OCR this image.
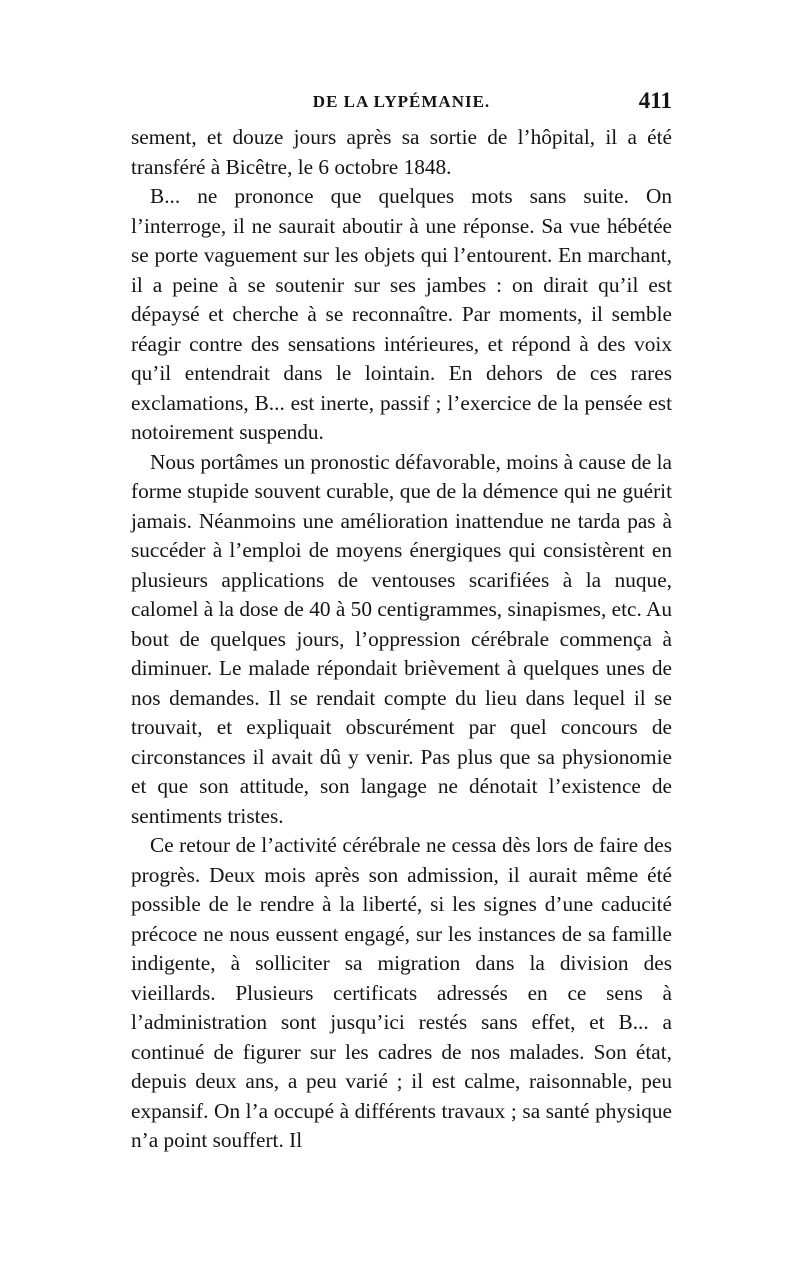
DE LA LYPÉMANIE.	411

sement, et douze jours après sa sortie de l’hôpital, il a été transféré à Bicêtre, le 6 octobre 1848.

B... ne prononce que quelques mots sans suite. On l’interroge, il ne saurait aboutir à une réponse. Sa vue hébétée se porte vaguement sur les objets qui l’entourent. En marchant, il a peine à se soutenir sur ses jambes : on dirait qu’il est dépaysé et cherche à se reconnaître. Par moments, il semble réagir contre des sensations intérieures, et répond à des voix qu’il entendrait dans le lointain. En dehors de ces rares exclamations, B... est inerte, passif ; l’exercice de la pensée est notoirement suspendu.

Nous portâmes un pronostic défavorable, moins à cause de la forme stupide souvent curable, que de la démence qui ne guérit jamais. Néanmoins une amélioration inattendue ne tarda pas à succéder à l’emploi de moyens énergiques qui consistèrent en plusieurs applications de ventouses scarifiées à la nuque, calomel à la dose de 40 à 50 centigrammes, sinapismes, etc. Au bout de quelques jours, l’oppression cérébrale commença à diminuer. Le malade répondait brièvement à quelques unes de nos demandes. Il se rendait compte du lieu dans lequel il se trouvait, et expliquait obscurément par quel concours de circonstances il avait dû y venir. Pas plus que sa physionomie et que son attitude, son langage ne dénotait l’existence de sentiments tristes.

Ce retour de l’activité cérébrale ne cessa dès lors de faire des progrès. Deux mois après son admission, il aurait même été possible de le rendre à la liberté, si les signes d’une caducité précoce ne nous eussent engagé, sur les instances de sa famille indigente, à solliciter sa migration dans la division des vieillards. Plusieurs certificats adressés en ce sens à l’administration sont jusqu’ici restés sans effet, et B... a continué de figurer sur les cadres de nos malades. Son état, depuis deux ans, a peu varié ; il est calme, raisonnable, peu expansif. On l’a occupé à différents travaux ; sa santé physique n’a point souffert. Il
